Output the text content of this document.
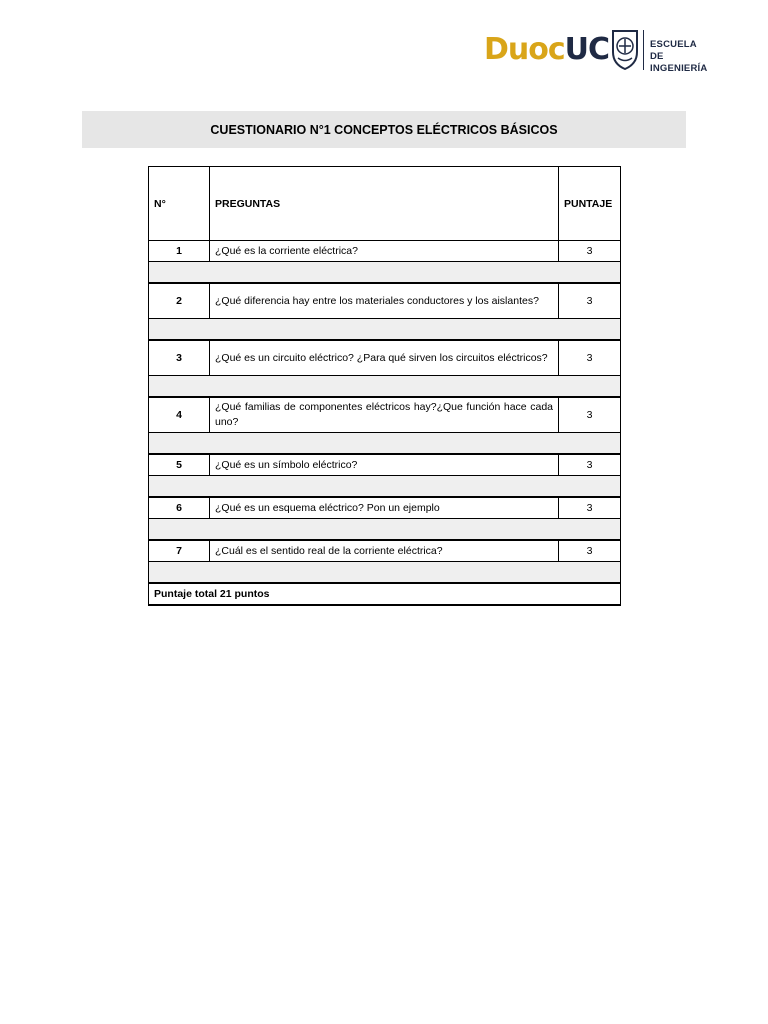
DuocUC	ESCUELA DE
INGENIERÍA
CUESTIONARIO N°1 CONCEPTOS ELÉCTRICOS BÁSICOS
N°	PREGUNTAS	PUNTAJE
1	¿Qué es la corriente eléctrica?	3

2	¿Qué diferencia hay entre los materiales conductores y los aislantes?	3

3	¿Qué es un circuito eléctrico? ¿Para qué sirven los circuitos eléctricos?	3

4	¿Qué familias de componentes eléctricos hay?¿Que función hace cada uno?	3

5	¿Qué es un símbolo eléctrico?	3

6	¿Qué es un esquema eléctrico? Pon un ejemplo	3

7	¿Cuál es el sentido real de la corriente eléctrica?	3

Puntaje total 21 puntos		
